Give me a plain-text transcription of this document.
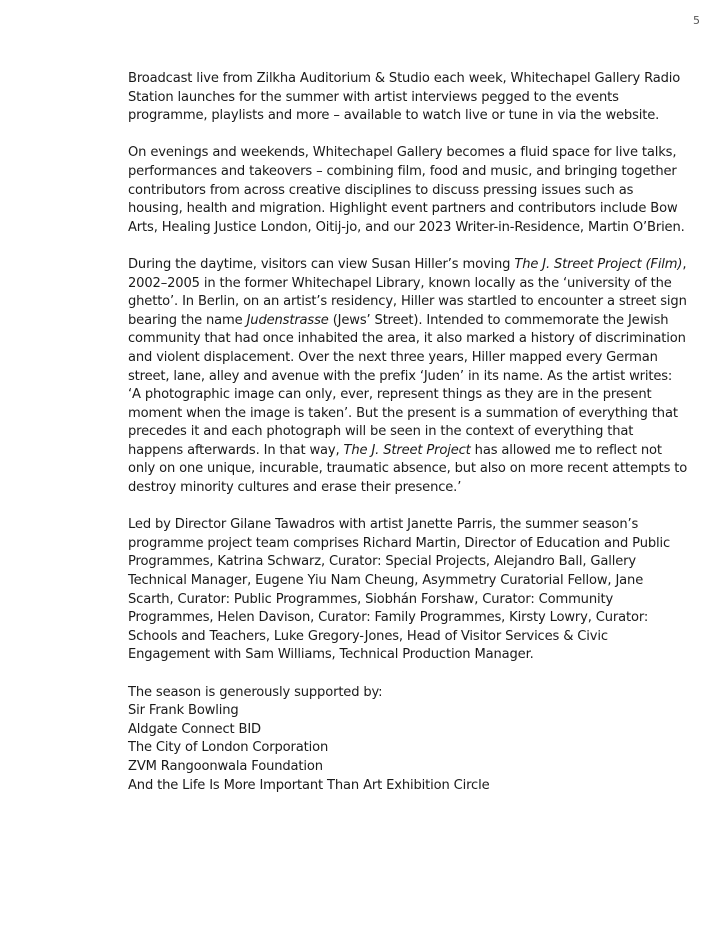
5

Broadcast live from Zilkha Auditorium & Studio each week, Whitechapel Gallery Radio Station launches for the summer with artist interviews pegged to the events programme, playlists and more – available to watch live or tune in via the website.

On evenings and weekends, Whitechapel Gallery becomes a fluid space for live talks, performances and takeovers – combining film, food and music, and bringing together contributors from across creative disciplines to discuss pressing issues such as housing, health and migration. Highlight event partners and contributors include Bow Arts, Healing Justice London, Oitij-jo, and our 2023 Writer-in-Residence, Martin O’Brien.

During the daytime, visitors can view Susan Hiller’s moving The J. Street Project (Film), 2002–2005 in the former Whitechapel Library, known locally as the ‘university of the ghetto’. In Berlin, on an artist’s residency, Hiller was startled to encounter a street sign bearing the name Judenstrasse (Jews’ Street). Intended to commemorate the Jewish community that had once inhabited the area, it also marked a history of discrimination and violent displacement. Over the next three years, Hiller mapped every German street, lane, alley and avenue with the prefix ‘Juden’ in its name. As the artist writes: ‘A photographic image can only, ever, represent things as they are in the present moment when the image is taken’. But the present is a summation of everything that precedes it and each photograph will be seen in the context of everything that happens afterwards. In that way, The J. Street Project has allowed me to reflect not only on one unique, incurable, traumatic absence, but also on more recent attempts to destroy minority cultures and erase their presence.’

Led by Director Gilane Tawadros with artist Janette Parris, the summer season’s programme project team comprises Richard Martin, Director of Education and Public Programmes, Katrina Schwarz, Curator: Special Projects, Alejandro Ball, Gallery Technical Manager, Eugene Yiu Nam Cheung, Asymmetry Curatorial Fellow, Jane Scarth, Curator: Public Programmes, Siobhán Forshaw, Curator: Community Programmes, Helen Davison, Curator: Family Programmes, Kirsty Lowry, Curator: Schools and Teachers, Luke Gregory-Jones, Head of Visitor Services & Civic Engagement with Sam Williams, Technical Production Manager.

The season is generously supported by:
Sir Frank Bowling
Aldgate Connect BID
The City of London Corporation
ZVM Rangoonwala Foundation
And the Life Is More Important Than Art Exhibition Circle
